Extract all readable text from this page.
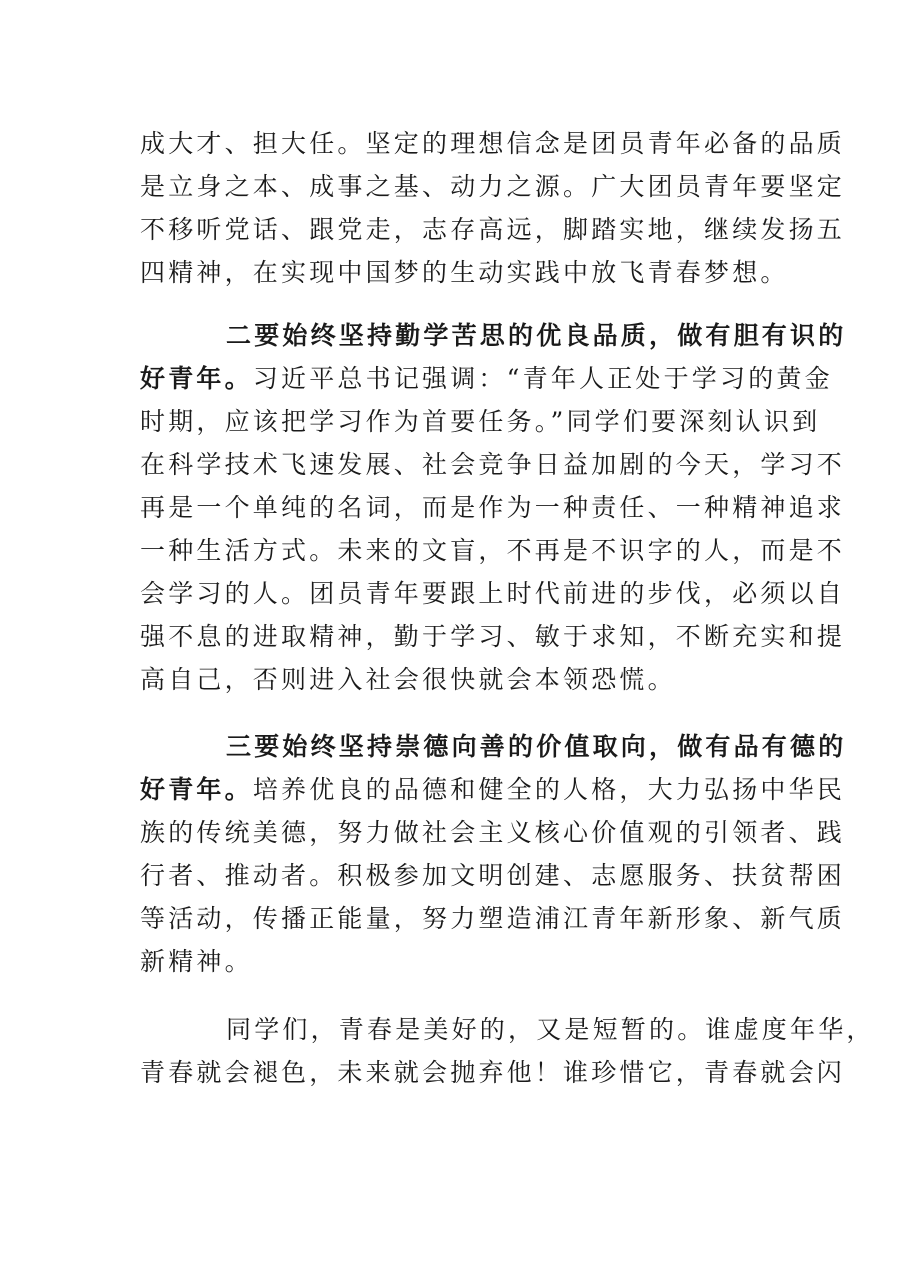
成大才、担大任。坚定的理想信念是团员青年必备的品质
是立身之本、成事之基、动力之源。广大团员青年要坚定
不移听党话、跟党走，志存高远，脚踏实地，继续发扬五
四精神，在实现中国梦的生动实践中放飞青春梦想。
二要始终坚持勤学苦思的优良品质，做有胆有识的
好青年。习近平总书记强调：“青年人正处于学习的黄金
时期，应该把学习作为首要任务。”同学们要深刻认识到
在科学技术飞速发展、社会竞争日益加剧的今天，学习不
再是一个单纯的名词，而是作为一种责任、一种精神追求
一种生活方式。未来的文盲，不再是不识字的人，而是不
会学习的人。团员青年要跟上时代前进的步伐，必须以自
强不息的进取精神，勤于学习、敏于求知，不断充实和提
高自己，否则进入社会很快就会本领恐慌。
三要始终坚持崇德向善的价值取向，做有品有德的
好青年。培养优良的品德和健全的人格，大力弘扬中华民
族的传统美德，努力做社会主义核心价值观的引领者、践
行者、推动者。积极参加文明创建、志愿服务、扶贫帮困
等活动，传播正能量，努力塑造浦江青年新形象、新气质
新精神。
同学们，青春是美好的，又是短暂的。谁虚度年华，
青春就会褪色，未来就会抛弃他！谁珍惜它，青春就会闪
